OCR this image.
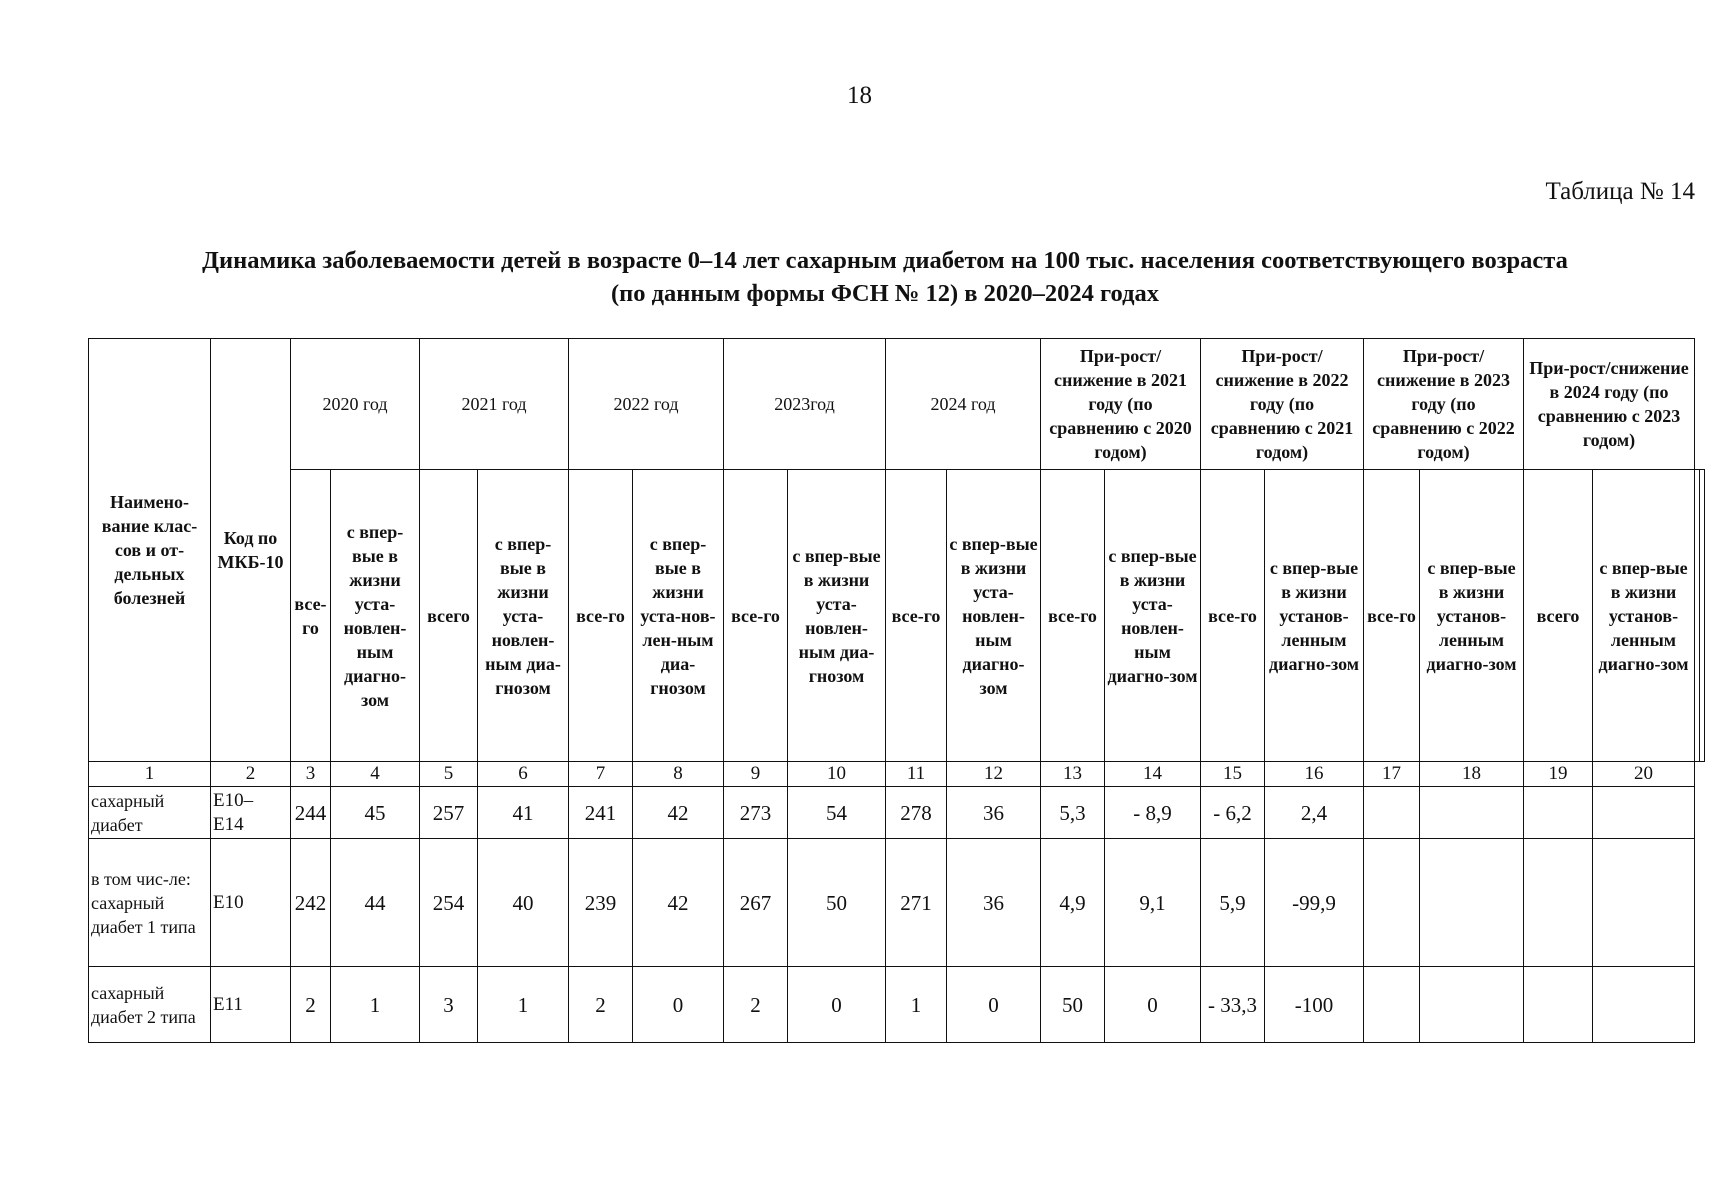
18
Таблица № 14
Динамика заболеваемости детей в возрасте 0–14 лет сахарным диабетом на 100 тыс. населения соответствующего возраста
(по данным формы ФСН № 12) в 2020–2024 годах
Наимено-вание клас-сов и от-дельных болезней	Код по МКБ-10	2020 год		2021 год		2022 год		2023год		2024 год		При-рост/снижение в 2021 году (по сравнению с 2020 годом)		При-рост/снижение в 2022 году (по сравнению с 2021 годом)		При-рост/снижение в 2023 году (по сравнению с 2022 годом)		При-рост/снижение в 2024 году (по сравнению с 2023 годом)			
		все-го	с впер-вые в жизни уста-новлен-ным диагно-зом	всего	с впер-вые в жизни уста-новлен-ным диа-гнозом	все-го	с впер-вые в жизни уста-нов-лен-ным диа-гнозом	все-го	с впер-вые в жизни уста-новлен-ным диа-гнозом	все-го	с впер-вые в жизни уста-новлен-ным диагно-зом	все-го	с впер-вые в жизни уста-новлен-ным диагно-зом	все-го	с впер-вые в жизни установ-ленным диагно-зом	все-го	с впер-вые в жизни установ-ленным диагно-зом	всего	с впер-вые в жизни установ-ленным диагно-зом		
1	2	3	4	5	6	7	8	9	10	11	12	13	14	15	16	17	18	19	20		
сахарный диабет	E10– E14	244	45	257	41	241	42	273	54	278	36	5,3	- 8,9	- 6,2	2,4						
в том чис-ле: сахарный диабет 1 типа	E10	242	44	254	40	239	42	267	50	271	36	4,9	9,1	5,9	-99,9						
сахарный диабет 2 типа	E11	2	1	3	1	2	0	2	0	1	0	50	0	- 33,3	-100						
